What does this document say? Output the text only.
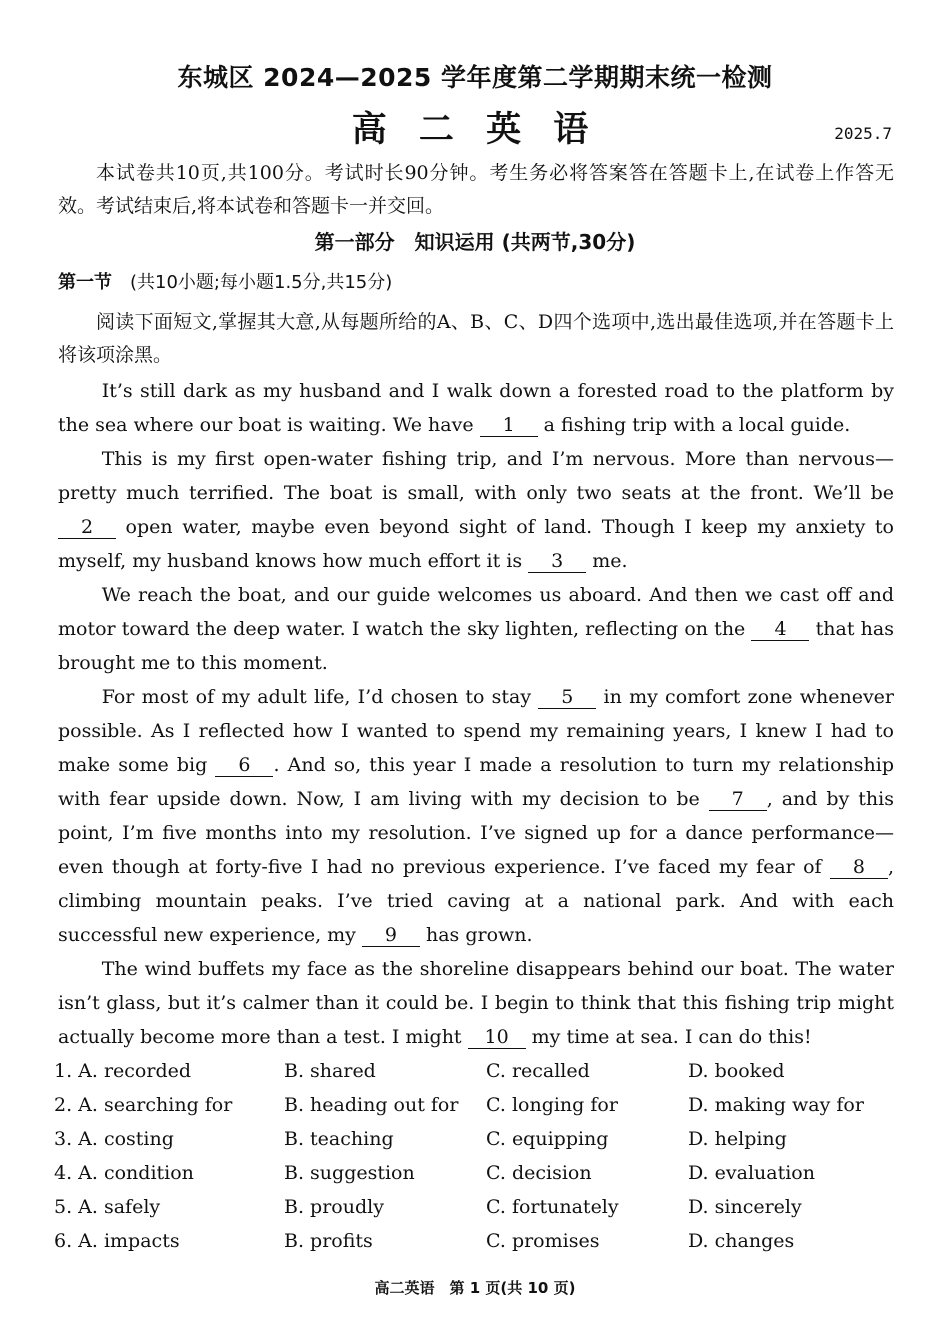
东城区 2024—2025 学年度第二学期期末统一检测
高 二 英 语	2025.7
本试卷共10页,共100分。考试时长90分钟。考生务必将答案答在答题卡上,在试卷上作答无效。考试结束后,将本试卷和答题卡一并交回。
第一部分　知识运用 (共两节,30分)
第一节 (共10小题;每小题1.5分,共15分)
阅读下面短文,掌握其大意,从每题所给的A、B、C、D四个选项中,选出最佳选项,并在答题卡上将该项涂黑。

It’s still dark as my husband and I walk down a forested road to the platform by the sea where our boat is waiting. We have 1 a fishing trip with a local guide.

This is my first open-water fishing trip, and I’m nervous. More than nervous—pretty much terrified. The boat is small, with only two seats at the front. We’ll be 2 open water, maybe even beyond sight of land. Though I keep my anxiety to myself, my husband knows how much effort it is 3 me.

We reach the boat, and our guide welcomes us aboard. And then we cast off and motor toward the deep water. I watch the sky lighten, reflecting on the 4 that has brought me to this moment.

For most of my adult life, I’d chosen to stay 5 in my comfort zone whenever possible. As I reflected how I wanted to spend my remaining years, I knew I had to make some big 6 . And so, this year I made a resolution to turn my relationship with fear upside down. Now, I am living with my decision to be 7 , and by this point, I’m five months into my resolution. I’ve signed up for a dance performance—even though at forty-five I had no previous experience. I’ve faced my fear of 8 , climbing mountain peaks. I’ve tried caving at a national park. And with each successful new experience, my 9 has grown.

The wind buffets my face as the shoreline disappears behind our boat. The water isn’t glass, but it’s calmer than it could be. I begin to think that this fishing trip might actually become more than a test. I might 10 my time at sea. I can do this!

1. A. recorded	B. shared	C. recalled	D. booked
2. A. searching for	B. heading out for	C. longing for	D. making way for
3. A. costing	B. teaching	C. equipping	D. helping
4. A. condition	B. suggestion	C. decision	D. evaluation
5. A. safely	B. proudly	C. fortunately	D. sincerely
6. A. impacts	B. profits	C. promises	D. changes
高二英语　第 1 页(共 10 页)
